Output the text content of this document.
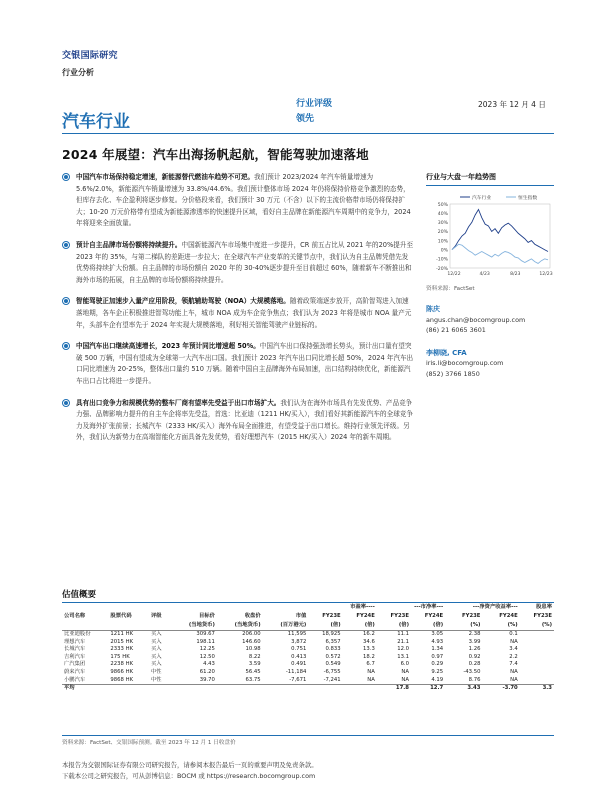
交银国际研究
行业分析
汽车行业
行业评级
领先
2023 年 12 月 4 日
2024 年展望：汽车出海扬帆起航，智能驾驶加速落地
中国汽车市场保持稳定增速，新能源替代燃油车趋势不可逆。我们预计 2023/2024 年汽车销量增速为 5.6%/2.0%，新能源汽车销量增速为 33.8%/44.6%。我们预计整体市场 2024 年仍将保持价格竞争激烈的态势，但库存去化、车企盈利将逐步修复。分价格段来看，我们预计 30 万元（不含）以下的主流价格带市场仍将保持扩大；10-20 万元价格带有望成为新能源渗透率的快速提升区域，看好自主品牌在新能源汽车周期中的竞争力，2024 年将迎来全面放量。
预计自主品牌市场份额将持续提升。中国新能源汽车市场集中度进一步提升，CR 前五占比从 2021 年的20%提升至 2023 年的 35%，与第二梯队的差距进一步拉大；在全球汽车产业变革的关键节点中，我们认为自主品牌凭借先发优势将持续扩大份额。自主品牌的市场份额自 2020 年的 30-40%逐步提升至目前超过 60%，随着新车不断推出和海外市场的拓展，自主品牌的市场份额将持续提升。
智能驾驶正加速步入量产应用阶段，领航辅助驾驶（NOA）大规模落地。随着政策端逐步放开，高阶智驾进入加速落地期，各车企正积极推进智驾功能上车，城市 NOA 成为车企竞争焦点；我们认为 2023 年将是城市 NOA 量产元年，头部车企有望率先于 2024 年实现大规模落地，利好相关智能驾驶产业链标的。
中国汽车出口继续高速增长，2023 年预计同比增速超 50%。中国汽车出口保持强劲增长势头，预计出口量有望突破 500 万辆，中国有望成为全球第一大汽车出口国。我们预计 2023 年汽车出口同比增长超 50%，2024 年汽车出口同比增速为 20-25%，整体出口量约 510 万辆。随着中国自主品牌海外布局加速，出口结构持续优化，新能源汽车出口占比将进一步提升。
具有出口竞争力和规模优势的整车厂商有望率先受益于出口市场扩大。我们认为在海外市场具有先发优势、产品竞争力强、品牌影响力提升的自主车企将率先受益，首选：比亚迪（1211 HK/买入），我们看好其新能源汽车的全球竞争力及海外扩张前景；长城汽车（2333 HK/买入）海外布局全面推进，有望受益于出口增长。维持行业领先评级。另外，我们认为新势力在高端智能化方面具备先发优势，看好理想汽车（2015 HK/买入）2024 年的新车周期。
行业与大盘一年趋势图
50%
40%
30%
20%
10%
0%
-10%
-20%
12/22	4/23	8/23	12/23
汽车行业	恒生指数
资料来源：FactSet
陈庆
angus.chan@bocomgroup.com
(86) 21 6065 3601
李柳晓, CFA
iris.li@bocomgroup.com
(852) 3766 1850
估值概要
						市盈率----		---市净率---		---净资产收益率---		股息率
公司名称	股票代码	评级	目标价	收盘价	市值	FY23E	FY24E	FY23E	FY24E	FY23E	FY24E	FY23E
			(当地货币)	(当地货币)	(百万港元)	(倍)	(倍)	(倍)	(倍)	(%)	(%)	(%)
比亚迪股份	1211 HK	买入	309.67	206.00	11,595	18,925	16.2	11.1	3.05	2.38	0.1	
理想汽车	2015 HK	买入	198.11	146.60	3,872	6,357	34.6	21.1	4.93	3.99	NA	
长城汽车	2333 HK	买入	12.25	10.98	0.751	0.833	13.3	12.0	1.34	1.26	3.4	
吉利汽车	175 HK	买入	12.50	8.22	0.413	0.572	18.2	13.1	0.97	0.92	2.2	
广汽集团	2238 HK	买入	4.43	3.59	0.491	0.549	6.7	6.0	0.29	0.28	7.4	
蔚来汽车	9866 HK	中性	61.20	56.45	-11,184	-6,755	NA	NA	9.25	-43.50	NA	
小鹏汽车	9868 HK	中性	39.70	63.75	-7,671	-7,241	NA	NA	4.19	8.76	NA	
平均								17.8	12.7	3.43	-3.70	3.3
资料来源：FactSet、交银国际预测。截至 2023 年 12 月 1 日收盘价
本报告为交银国际证券有限公司研究报告，请参阅本报告最后一页的重要声明及免责条款。
下载本公司之研究报告，可从彭博信息：BOCM 或 https://research.bocomgroup.com
